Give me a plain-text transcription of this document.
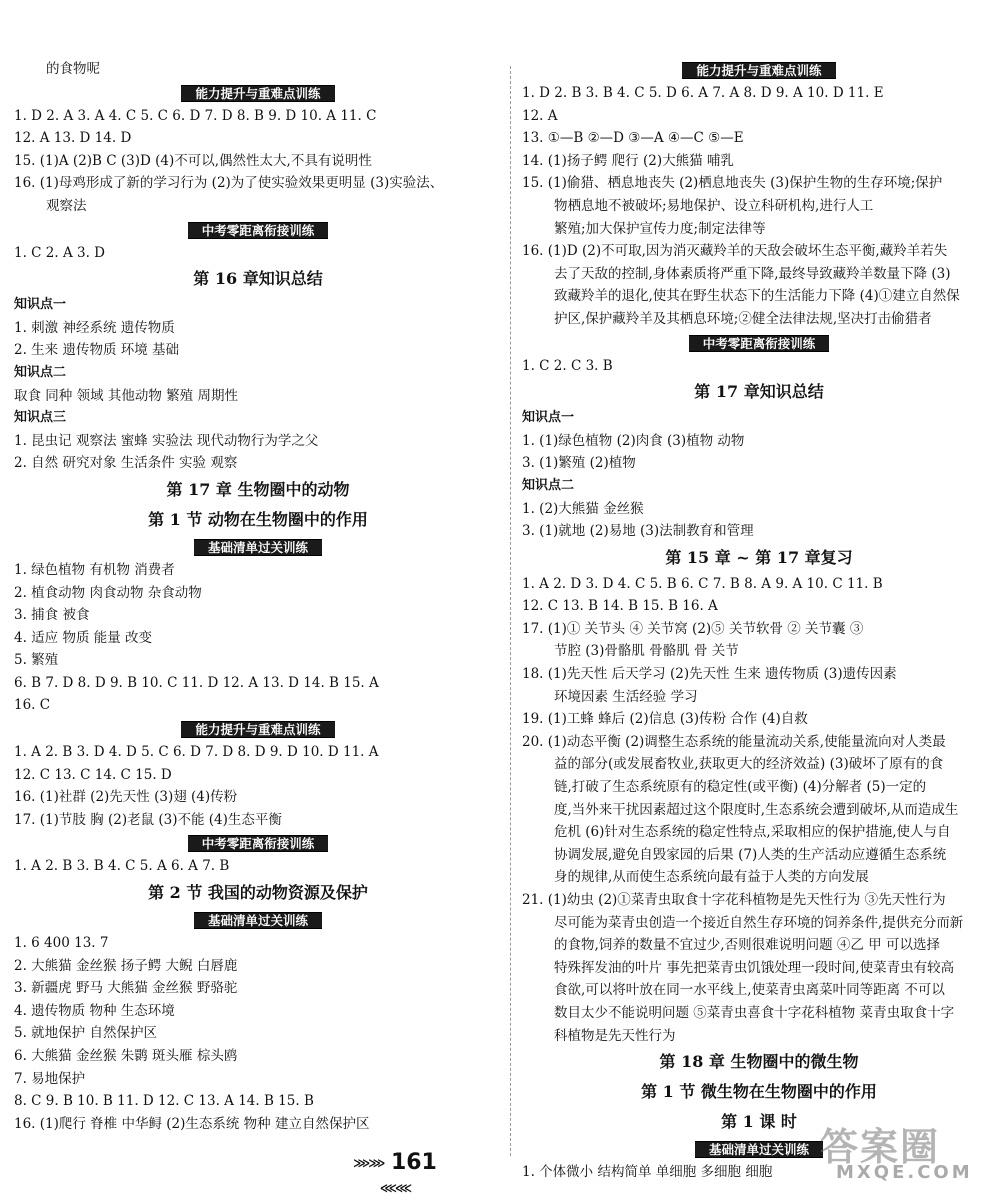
的食物呢
能力提升与重难点训练
1. D 2. A 3. A 4. C 5. C 6. D 7. D 8. B 9. D 10. A 11. C
12. A 13. D 14. D
15. (1)A (2)B C (3)D (4)不可以,偶然性太大,不具有说明性
16. (1)母鸡形成了新的学习行为 (2)为了使实验效果更明显 (3)实验法、
观察法
中考零距离衔接训练
1. C 2. A 3. D
第 16 章知识总结
知识点一
1. 刺激 神经系统 遗传物质
2. 生来 遗传物质 环境 基础
知识点二
取食 同种 领域 其他动物 繁殖 周期性
知识点三
1. 昆虫记 观察法 蜜蜂 实验法 现代动物行为学之父
2. 自然 研究对象 生活条件 实验 观察
第 17 章 生物圈中的动物
第 1 节 动物在生物圈中的作用
基础清单过关训练
1. 绿色植物 有机物 消费者
2. 植食动物 肉食动物 杂食动物
3. 捕食 被食
4. 适应 物质 能量 改变
5. 繁殖
6. B 7. D 8. D 9. B 10. C 11. D 12. A 13. D 14. B 15. A
16. C
能力提升与重难点训练
1. A 2. B 3. D 4. D 5. C 6. D 7. D 8. D 9. D 10. D 11. A
12. C 13. C 14. C 15. D
16. (1)社群 (2)先天性 (3)翅 (4)传粉
17. (1)节肢 胸 (2)老鼠 (3)不能 (4)生态平衡
中考零距离衔接训练
1. A 2. B 3. B 4. C 5. A 6. A 7. B
第 2 节 我国的动物资源及保护
基础清单过关训练
1. 6 400 13. 7
2. 大熊猫 金丝猴 扬子鳄 大鲵 白唇鹿
3. 新疆虎 野马 大熊猫 金丝猴 野骆驼
4. 遗传物质 物种 生态环境
5. 就地保护 自然保护区
6. 大熊猫 金丝猴 朱鹮 斑头雁 棕头鸥
7. 易地保护
8. C 9. B 10. B 11. D 12. C 13. A 14. B 15. B
16. (1)爬行 脊椎 中华鲟 (2)生态系统 物种 建立自然保护区
能力提升与重难点训练
1. D 2. B 3. B 4. C 5. D 6. A 7. A 8. D 9. A 10. D 11. E
12. A
13. ①—B ②—D ③—A ④—C ⑤—E
14. (1)扬子鳄 爬行 (2)大熊猫 哺乳
15. (1)偷猎、栖息地丧失 (2)栖息地丧失 (3)保护生物的生存环境;保护
物栖息地不被破坏;易地保护、设立科研机构,进行人工
繁殖;加大保护宣传力度;制定法律等
16. (1)D (2)不可取,因为消灭藏羚羊的天敌会破坏生态平衡,藏羚羊若失
去了天敌的控制,身体素质将严重下降,最终导致藏羚羊数量下降 (3)
致藏羚羊的退化,使其在野生状态下的生活能力下降 (4)①建立自然保
护区,保护藏羚羊及其栖息环境;②健全法律法规,坚决打击偷猎者
中考零距离衔接训练
1. C 2. C 3. B
第 17 章知识总结
知识点一
1. (1)绿色植物 (2)肉食 (3)植物 动物
3. (1)繁殖 (2)植物
知识点二
1. (2)大熊猫 金丝猴
3. (1)就地 (2)易地 (3)法制教育和管理
第 15 章 ~ 第 17 章复习
1. A 2. D 3. D 4. C 5. B 6. C 7. B 8. A 9. A 10. C 11. B
12. C 13. B 14. B 15. B 16. A
17. (1)① 关节头 ④ 关节窝 (2)⑤ 关节软骨 ② 关节囊 ③
节腔 (3)骨骼肌 骨骼肌 骨 关节
18. (1)先天性 后天学习 (2)先天性 生来 遗传物质 (3)遗传因素
环境因素 生活经验 学习
19. (1)工蜂 蜂后 (2)信息 (3)传粉 合作 (4)自救
20. (1)动态平衡 (2)调整生态系统的能量流动关系,使能量流向对人类最
益的部分(或发展畜牧业,获取更大的经济效益) (3)破坏了原有的食
链,打破了生态系统原有的稳定性(或平衡) (4)分解者 (5)一定的
度,当外来干扰因素超过这个限度时,生态系统会遭到破坏,从而造成生
危机 (6)针对生态系统的稳定性特点,采取相应的保护措施,使人与自
协调发展,避免自毁家园的后果 (7)人类的生产活动应遵循生态系统
身的规律,从而使生态系统向最有益于人类的方向发展
21. (1)幼虫 (2)①菜青虫取食十字花科植物是先天性行为 ③先天性行为
尽可能为菜青虫创造一个接近自然生存环境的饲养条件,提供充分而新
的食物,饲养的数量不宜过少,否则很难说明问题 ④乙 甲 可以选择
特殊挥发油的叶片 事先把菜青虫饥饿处理一段时间,使菜青虫有较高
食欲,可以将叶放在同一水平线上,使菜青虫离菜叶同等距离 不可以
数目太少不能说明问题 ⑤菜青虫喜食十字花科植物 菜青虫取食十字
科植物是先天性行为
第 18 章 生物圈中的微生物
第 1 节 微生物在生物圈中的作用
第 1 课 时
基础清单过关训练
1. 个体微小 结构简单 单细胞 多细胞 细胞
⋙⋙ 161 ⋘⋘
答案圈
MXQE.COM
